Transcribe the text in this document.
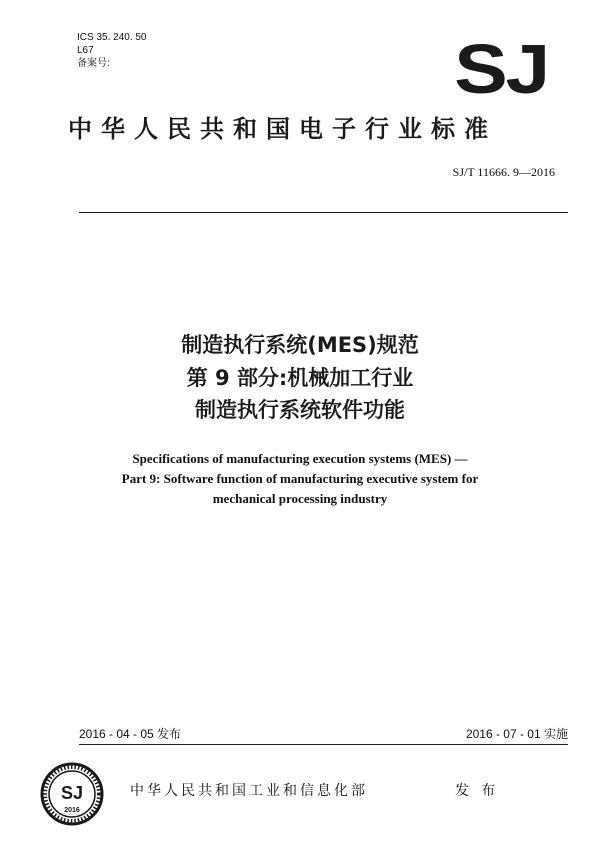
ICS 35. 240. 50
L67
备案号:	SJ
中华人民共和国电子行业标准
SJ/T 11666. 9—2016
制造执行系统(MES)规范
第 9 部分:机械加工行业
制造执行系统软件功能
Specifications of manufacturing execution systems (MES) —
Part 9: Software function of manufacturing executive system for
mechanical processing industry
2016 - 04 - 05 发布	2016 - 07 - 01 实施
SJ
2016
中华人民共和国工业和信息化部	发布
